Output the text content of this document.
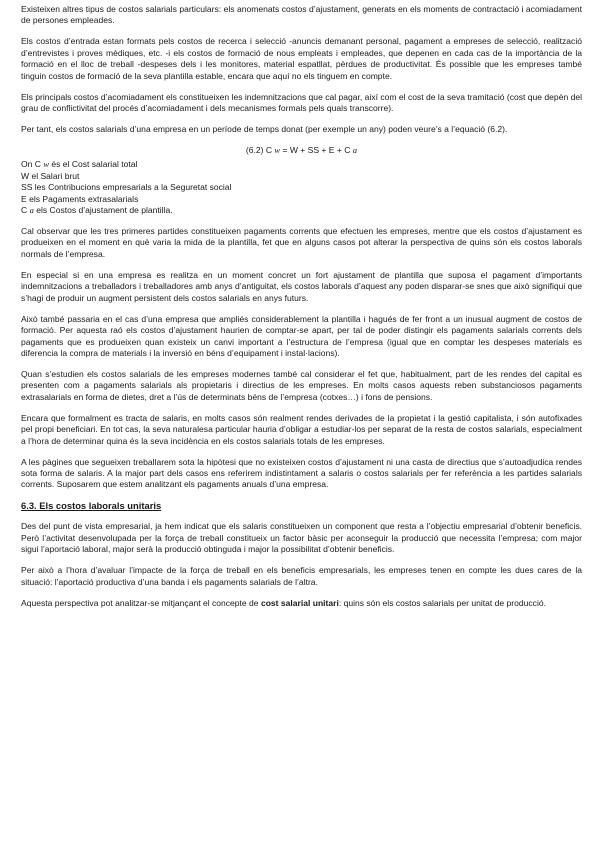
Existeixen altres tipus de costos salarials particulars: els anomenats costos d’ajustament, generats en els moments de contractació i acomiadament de persones empleades.

Els costos d’entrada estan formats pels costos de recerca i selecció -anuncis demanant personal, pagament a empreses de selecció, realització d’entrevistes i proves mèdiques, etc. -i els costos de formació de nous empleats i empleades, que depenen en cada cas de la importància de la formació en el lloc de treball -despeses dels i les monitores, material espatllat, pèrdues de productivitat. És possible que les empreses també tinguin costos de formació de la seva plantilla estable, encara que aquí no els tinguem en compte.

Els principals costos d’acomiadament els constitueixen les indemnitzacions que cal pagar, així com el cost de la seva tramitació (cost que depèn del grau de conflictivitat del procés d’acomiadament i dels mecanismes formals pels quals transcorre).

Per tant, els costos salarials d’una empresa en un període de temps donat (per exemple un any) poden veure’s a l’equació (6.2).

(6.2) C w = W + SS + E + C a
On C w és el Cost salarial total
W el Salari brut
SS les Contribucions empresarials a la Seguretat social
E els Pagaments extrasalarials
C a els Costos d’ajustament de plantilla.

Cal observar que les tres primeres partides constitueixen pagaments corrents que efectuen les empreses, mentre que els costos d’ajustament es produeixen en el moment en què varia la mida de la plantilla, fet que en alguns casos pot alterar la perspectiva de quins són els costos laborals normals de l’empresa.

En especial si en una empresa es realitza en un moment concret un fort ajustament de plantilla que suposa el pagament d’importants indemnitzacions a treballadors i treballadores amb anys d’antiguitat, els costos laborals d’aquest any poden disparar-se snes que això signifiqui que s’hagi de produir un augment persistent dels costos salarials en anys futurs.

Això també passaria en el cas d’una empresa que ampliés considerablement la plantilla i hagués de fer front a un inusual augment de costos de formació. Per aquesta raó els costos d’ajustament haurien de comptar-se apart, per tal de poder distingir els pagaments salarials corrents dels pagaments que es produeixen quan existeix un canvi important a l’estructura de l’empresa (igual que en comptar les despeses materials es diferencia la compra de materials i la inversió en béns d’equipament i instal·lacions).

Quan s’estudien els costos salarials de les empreses modernes també cal considerar el fet que, habitualment, part de les rendes del capital es presenten com a pagaments salarials als propietaris i directius de les empreses. En molts casos aquests reben substanciosos pagaments extrasalarials en forma de dietes, dret a l’ús de determinats béns de l’empresa (cotxes…) i fons de pensions.

Encara que formalment es tracta de salaris, en molts casos són realment rendes derivades de la propietat i la gestió capitalista, i són autofixades pel propi beneficiari. En tot cas, la seva naturalesa particular hauria d’obligar a estudiar-los per separat de la resta de costos salarials, especialment a l’hora de determinar quina és la seva incidència en els costos salarials totals de les empreses.

A les pàgines que segueixen treballarem sota la hipòtesi que no existeixen costos d’ajustament ni una casta de directius que s’autoadjudica rendes sota forma de salaris. A la major part dels casos ens referirem indistintament a salaris o costos salarials per fer referència a les partides salarials corrents. Suposarem que estem analitzant els pagaments anuals d’una empresa.

6.3. Els costos laborals unitaris

Des del punt de vista empresarial, ja hem indicat que els salaris constitueixen un component que resta a l’objectiu empresarial d’obtenir beneficis. Però l’activitat desenvolupada per la força de treball constitueix un factor bàsic per aconseguir la producció que necessita l’empresa; com major sigui l’aportació laboral, major serà la producció obtinguda i major la possibilitat d’obtenir beneficis.

Per això a l’hora d’avaluar l’impacte de la força de treball en els beneficis empresarials, les empreses tenen en compte les dues cares de la situació: l’aportació productiva d’una banda i els pagaments salarials de l’altra.

Aquesta perspectiva pot analitzar-se mitjançant el concepte de cost salarial unitari: quins són els costos salarials per unitat de producció.
